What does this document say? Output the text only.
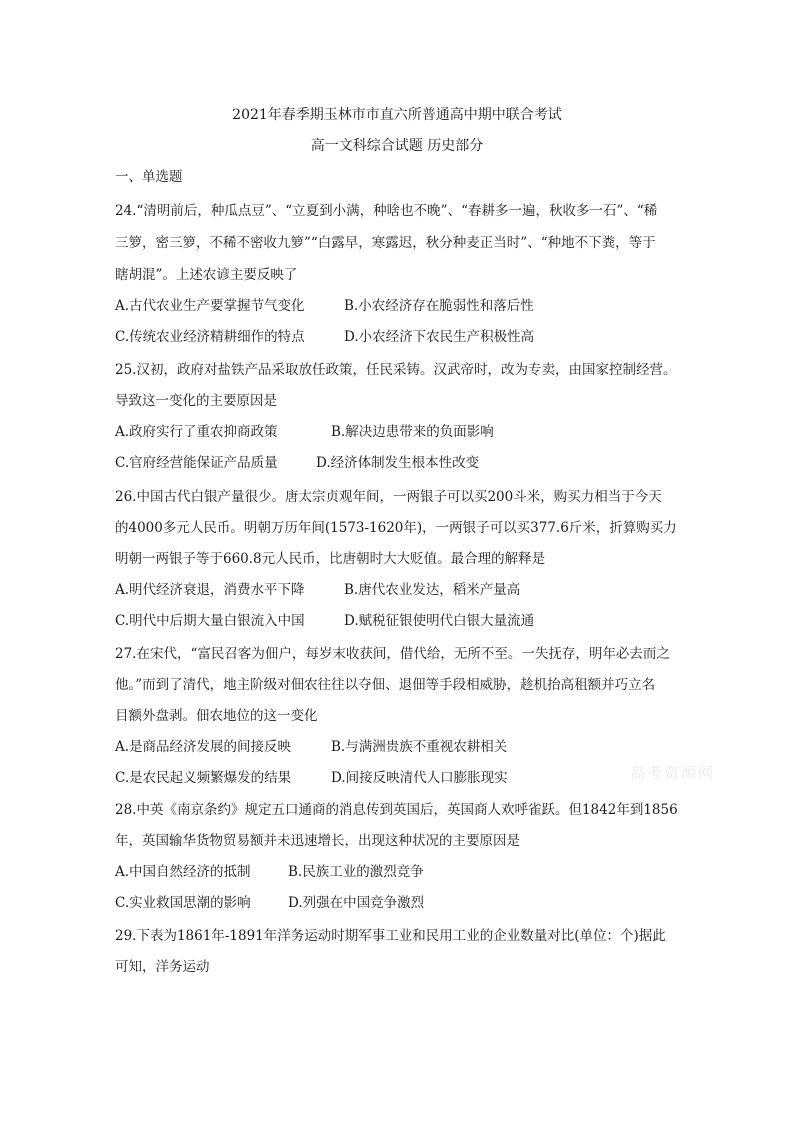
2021年春季期玉林市市直六所普通高中期中联合考试
高一文科综合试题 历史部分
一、单选题
24.“清明前后，种瓜点豆”、“立夏到小满，种啥也不晚”、“春耕多一遍，秋收多一石”、“稀
三箩，密三箩，不稀不密收九箩”“白露早，寒露迟，秋分种麦正当时”、“种地不下粪，等于
瞎胡混”。上述农谚主要反映了
A.古代农业生产要掌握节气变化	B.小农经济存在脆弱性和落后性
C.传统农业经济精耕细作的特点	D.小农经济下农民生产积极性高
25.汉初，政府对盐铁产品采取放任政策，任民采铸。汉武帝时，改为专卖，由国家控制经营。
导致这一变化的主要原因是
A.政府实行了重农抑商政策	B.解决边患带来的负面影响
C.官府经营能保证产品质量	D.经济体制发生根本性改变
26.中国古代白银产量很少。唐太宗贞观年间，一两银子可以买200斗米，购买力相当于今天
的4000多元人民币。明朝万历年间(1573-1620年)，一两银子可以买377.6斤米，折算购买力
明朝一两银子等于660.8元人民币，比唐朝时大大贬值。最合理的解释是
A.明代经济衰退，消费水平下降	B.唐代农业发达，稻米产量高
C.明代中后期大量白银流入中国	D.赋税征银使明代白银大量流通
27.在宋代，“富民召客为佃户，每岁末收获间，借代给，无所不至。一失抚存，明年必去而之
他。”而到了清代，地主阶级对佃农往往以夺佃、退佃等手段相威胁，趁机抬高租额并巧立名
目额外盘剥。佃农地位的这一变化
A.是商品经济发展的间接反映	B.与满洲贵族不重视农耕相关
C.是农民起义频繁爆发的结果	D.间接反映清代人口膨胀现实
28.中英《南京条约》规定五口通商的消息传到英国后，英国商人欢呼雀跃。但1842年到1856
年，英国输华货物贸易额并未迅速增长，出现这种状况的主要原因是
A.中国自然经济的抵制	B.民族工业的激烈竞争
C.实业救国思潮的影响	D.列强在中国竞争激烈
29.下表为1861年-1891年洋务运动时期军事工业和民用工业的企业数量对比(单位：个)据此
可知，洋务运动
高考资源网
